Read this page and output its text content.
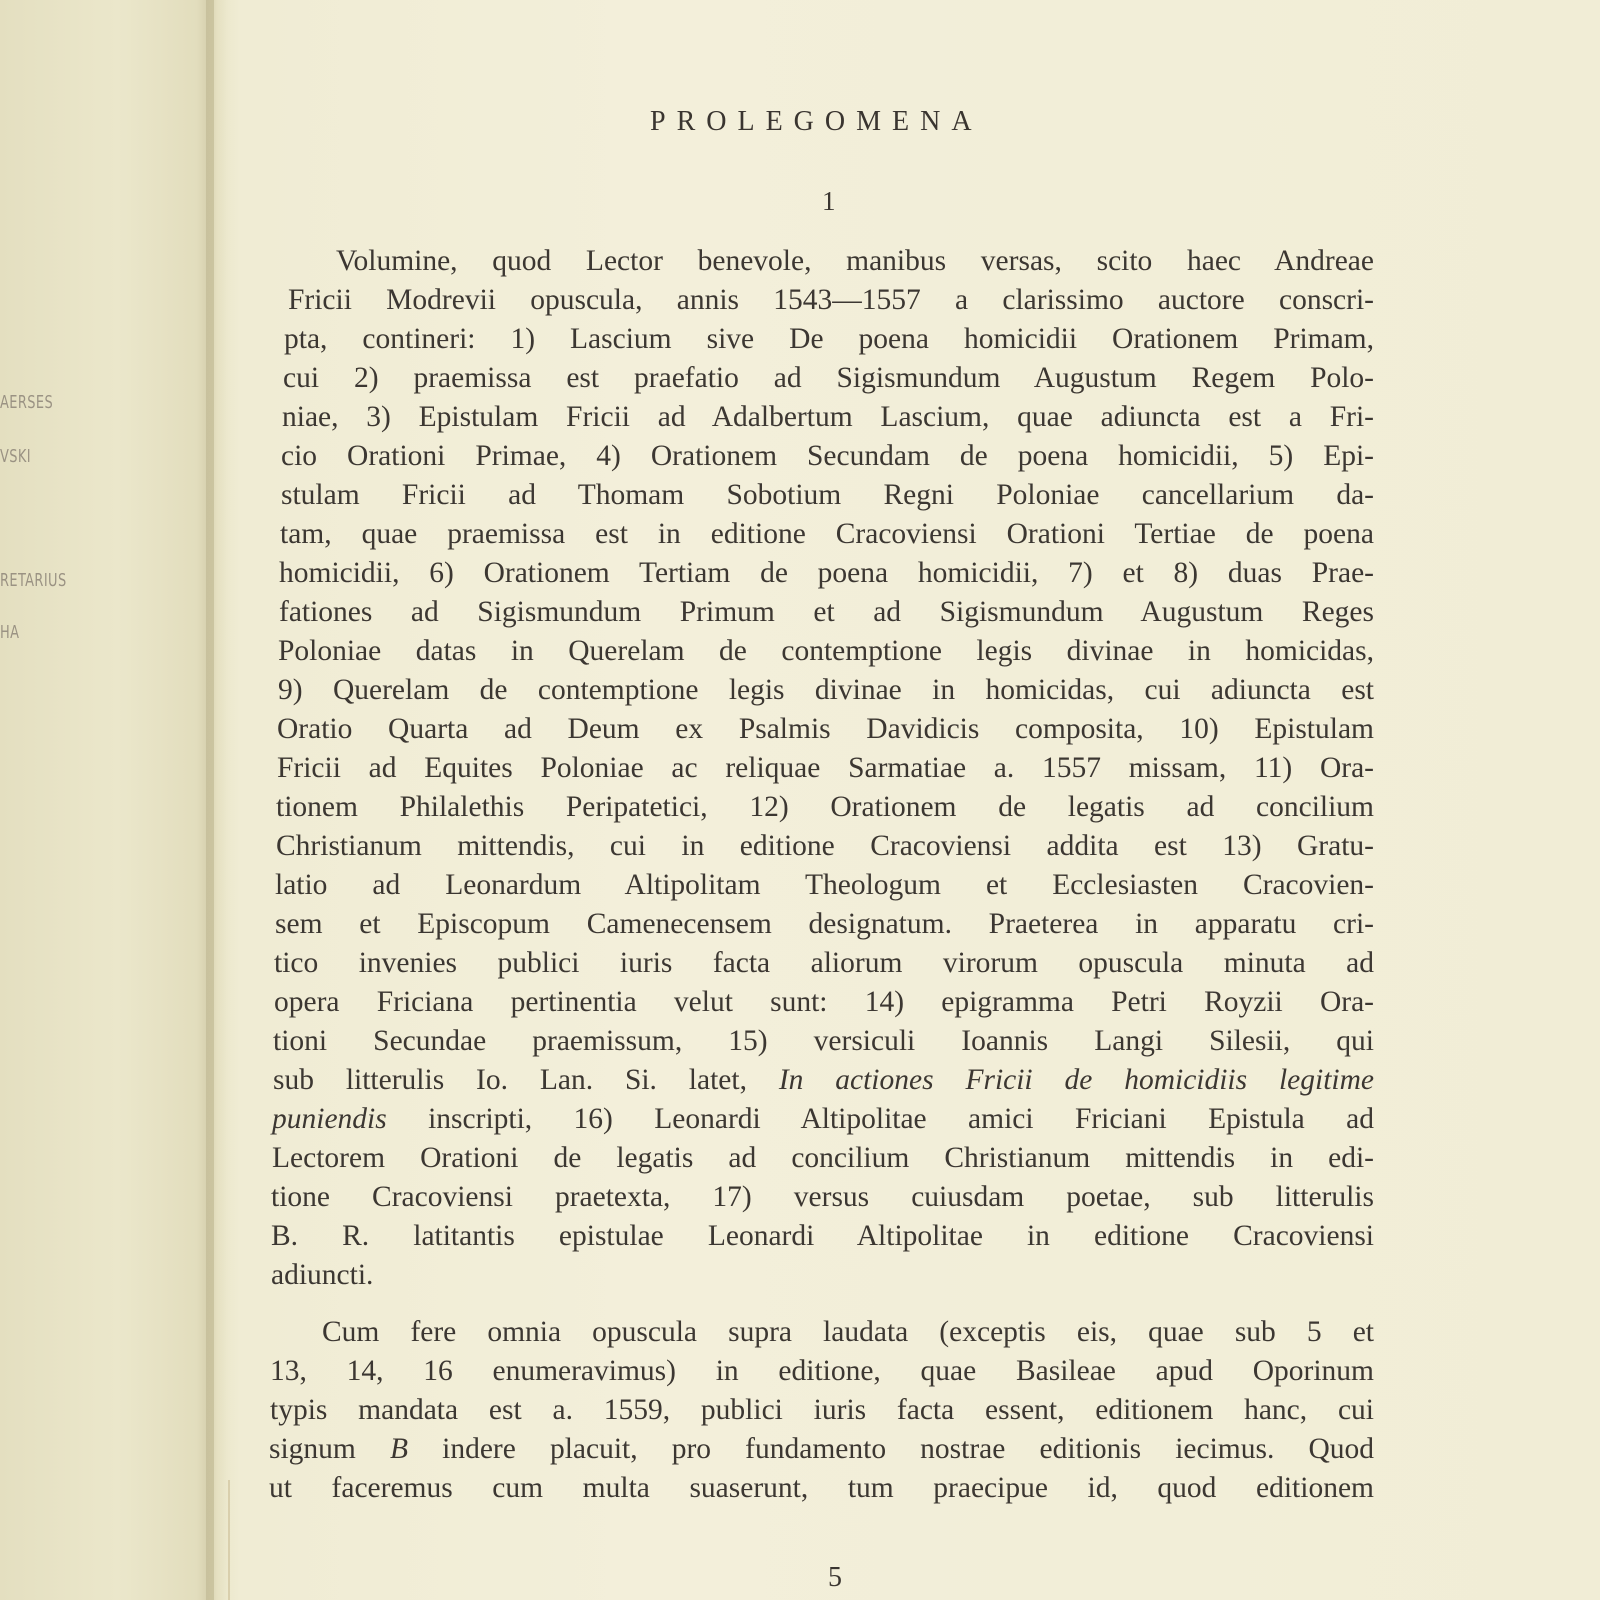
AERSES
VSKI
RETARIUS
HA
PROLEGOMENA
1
Volumine, quod Lector benevole, manibus versas, scito haec Andreae
Fricii Modrevii opuscula, annis 1543—1557 a clarissimo auctore conscri-
pta, contineri: 1) Lascium sive De poena homicidii Orationem Primam,
cui 2) praemissa est praefatio ad Sigismundum Augustum Regem Polo-
niae, 3) Epistulam Fricii ad Adalbertum Lascium, quae adiuncta est a Fri-
cio Orationi Primae, 4) Orationem Secundam de poena homicidii, 5) Epi-
stulam Fricii ad Thomam Sobotium Regni Poloniae cancellarium da-
tam, quae praemissa est in editione Cracoviensi Orationi Tertiae de poena
homicidii, 6) Orationem Tertiam de poena homicidii, 7) et 8) duas Prae-
fationes ad Sigismundum Primum et ad Sigismundum Augustum Reges
Poloniae datas in Querelam de contemptione legis divinae in homicidas,
9) Querelam de contemptione legis divinae in homicidas, cui adiuncta est
Oratio Quarta ad Deum ex Psalmis Davidicis composita, 10) Epistulam
Fricii ad Equites Poloniae ac reliquae Sarmatiae a. 1557 missam, 11) Ora-
tionem Philalethis Peripatetici, 12) Orationem de legatis ad concilium
Christianum mittendis, cui in editione Cracoviensi addita est 13) Gratu-
latio ad Leonardum Altipolitam Theologum et Ecclesiasten Cracovien-
sem et Episcopum Camenecensem designatum. Praeterea in apparatu cri-
tico invenies publici iuris facta aliorum virorum opuscula minuta ad
opera Friciana pertinentia velut sunt: 14) epigramma Petri Royzii Ora-
tioni Secundae praemissum, 15) versiculi Ioannis Langi Silesii, qui
sub litterulis Io. Lan. Si. latet, In actiones Fricii de homicidiis legitime
puniendis inscripti, 16) Leonardi Altipolitae amici Friciani Epistula ad
Lectorem Orationi de legatis ad concilium Christianum mittendis in edi-
tione Cracoviensi praetexta, 17) versus cuiusdam poetae, sub litterulis
B. R. latitantis epistulae Leonardi Altipolitae in editione Cracoviensi
adiuncti.
Cum fere omnia opuscula supra laudata (exceptis eis, quae sub 5 et
13, 14, 16 enumeravimus) in editione, quae Basileae apud Oporinum
typis mandata est a. 1559, publici iuris facta essent, editionem hanc, cui
signum B indere placuit, pro fundamento nostrae editionis iecimus. Quod
ut faceremus cum multa suaserunt, tum praecipue id, quod editionem
5
